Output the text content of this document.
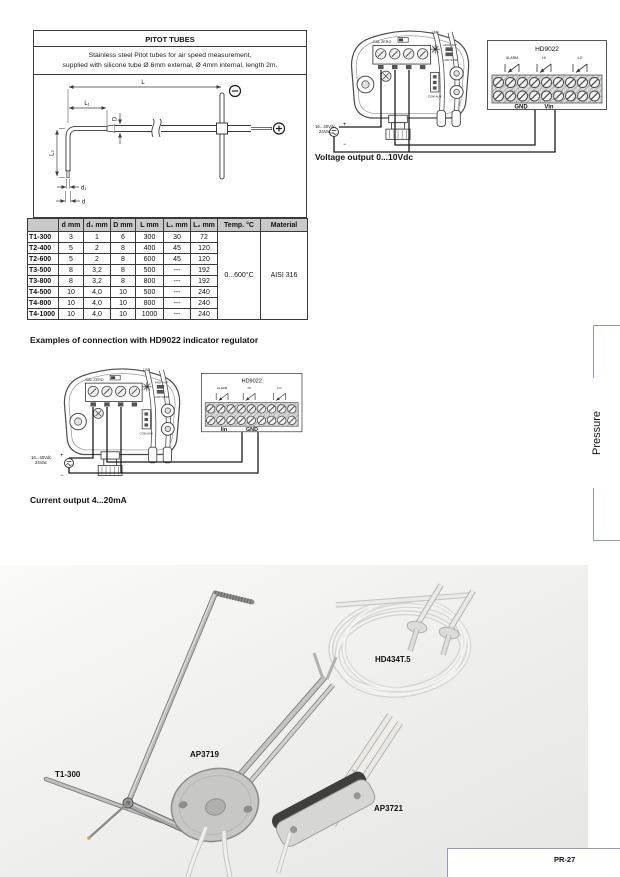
PITOT TUBES
Stainless steel Pitot tubes for air speed measurement,
supplied with silicone tube Ø 6mm external, Ø 4mm internal, length 2m.
L
L₁
D
L₂
d₁
d
	d mm	d₁ mm	D mm	L mm	L₁ mm	L₂ mm	Temp. °C	Material
T1-300	3	1	6	300	30	72	0...600°C	AISI 316
T2-400	5	2	8	400	45	120		
T2-600	5	2	8	600	45	120		
T3-500	8	3,2	8	500	---	192		
T3-800	8	3,2	8	800	---	192		
T4-500	10	4,0	10	500	---	240		
T4-800	10	4,0	10	800	---	240		
T4-1000	10	4,0	10	1000	---	240		
Examples of connection with HD9022 indicator regulator
CAL ZERO
LED
HD9022
ALARM	HI
+
−
16...40Vdc
24Vac
GND	Vin
Voltage output 0...10Vdc
+
−
16...40Vdc
24Vac
Iin	GND
Current output 4...20mA
Pressure
T1-300
HD434T.5
AP3719
AP3721
PR-27
